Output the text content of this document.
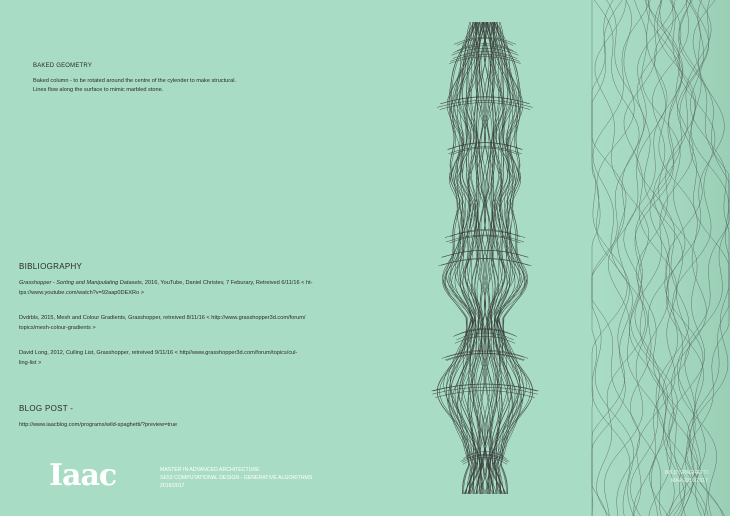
BAKED GEOMETRY
Baked column - to be rotated around the centre of the cylender to make structural.
Lines flow along the surface to mimic marbled stone.
BIBLIOGRAPHY
Grasshopper - Sorting and Manipulating Datasets, 2016, YouTube, Daniel Christev, 7 Feburary, Retreived 6/11/16 < ht-
tps://www.youtube.com/watch?v=92aap0DEXRo >
Dvdrbls, 2015, Mesh and Colour Gradients, Grasshopper, retreived 8/11/16 < http://www.grasshopper3d.com/forum/
topics/mesh-colour-gradients >
David Long, 2012, Culling List, Grasshopper, retreived 9/11/16 < http//www.grasshopper3d.com/forum/topics/cul-
ling-list >
BLOG POST -
http://www.iaacblog.com/programs/wild-spaghetti/?preview=true
Iaac	MASTER IN ADVANCED ARCHITECTURE
SE53 COMPUTATIONAL DESIGN - GENERATIVE ALGORITHMS
2016/2017
WILD SPAGHETTI
MAA 2016/2017
